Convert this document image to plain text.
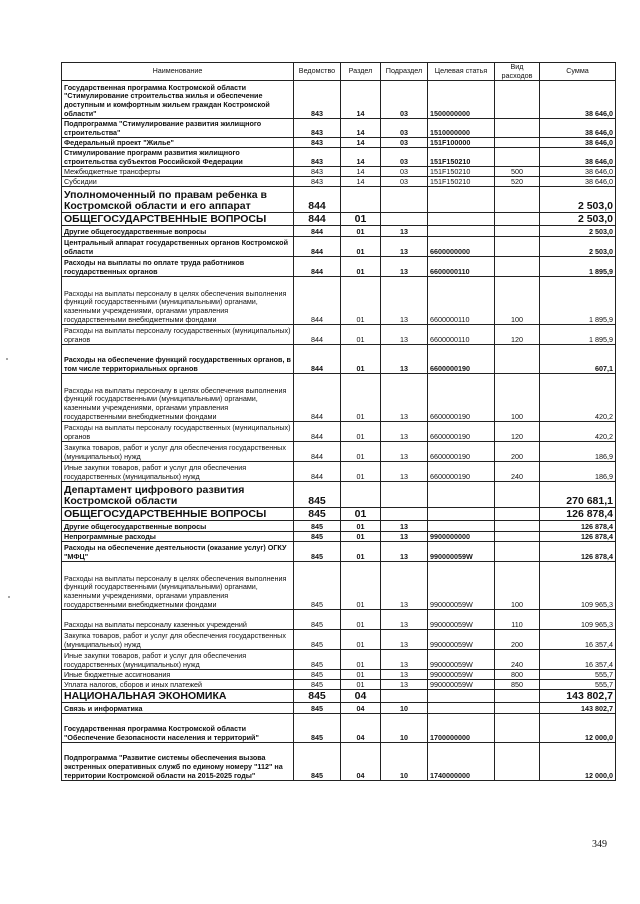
Наименование	Ведомство	Раздел	Подраздел	Целевая статья	Вид расходов	Сумма
Государственная программа Костромской области "Стимулирование строительства жилья и обеспечение доступным и комфортным жильем граждан Костромской области"	843	14	03	1500000000		38 646,0
Подпрограмма "Стимулирование развития жилищного строительства"	843	14	03	1510000000		38 646,0
Федеральный проект "Жилье"	843	14	03	151F100000		38 646,0
Стимулирование программ развития жилищного строительства субъектов Российской Федерации	843	14	03	151F150210		38 646,0
Межбюджетные трансферты	843	14	03	151F150210	500	38 646,0
Субсидии	843	14	03	151F150210	520	38 646,0
Уполномоченный по правам ребенка в Костромской области и его аппарат	844					2 503,0
ОБЩЕГОСУДАРСТВЕННЫЕ ВОПРОСЫ	844	01				2 503,0
Другие общегосударственные вопросы	844	01	13			2 503,0
Центральный аппарат государственных органов Костромской области	844	01	13	6600000000		2 503,0
Расходы на выплаты по оплате труда работников государственных органов	844	01	13	6600000110		1 895,9
Расходы на выплаты персоналу в целях обеспечения выполнения функций государственными (муниципальными) органами, казенными учреждениями, органами управления государственными внебюджетными фондами	844	01	13	6600000110	100	1 895,9
Расходы на выплаты персоналу государственных (муниципальных) органов	844	01	13	6600000110	120	1 895,9
Расходы на обеспечение функций государственных органов, в том числе территориальных органов	844	01	13	6600000190		607,1
Расходы на выплаты персоналу в целях обеспечения выполнения функций государственными (муниципальными) органами, казенными учреждениями, органами управления государственными внебюджетными фондами	844	01	13	6600000190	100	420,2
Расходы на выплаты персоналу государственных (муниципальных) органов	844	01	13	6600000190	120	420,2
Закупка товаров, работ и услуг для обеспечения государственных (муниципальных) нужд	844	01	13	6600000190	200	186,9
Иные закупки товаров, работ и услуг для обеспечения государственных (муниципальных) нужд	844	01	13	6600000190	240	186,9
Департамент цифрового развития Костромской области	845					270 681,1
ОБЩЕГОСУДАРСТВЕННЫЕ ВОПРОСЫ	845	01				126 878,4
Другие общегосударственные вопросы	845	01	13			126 878,4
Непрограммные расходы	845	01	13	9900000000		126 878,4
Расходы на обеспечение деятельности (оказание услуг) ОГКУ "МФЦ"	845	01	13	990000059W		126 878,4
Расходы на выплаты персоналу в целях обеспечения выполнения функций государственными (муниципальными) органами, казенными учреждениями, органами управления государственными внебюджетными фондами	845	01	13	990000059W	100	109 965,3
Расходы на выплаты персоналу казенных учреждений	845	01	13	990000059W	110	109 965,3
Закупка товаров, работ и услуг для обеспечения государственных (муниципальных) нужд	845	01	13	990000059W	200	16 357,4
Иные закупки товаров, работ и услуг для обеспечения государственных (муниципальных) нужд	845	01	13	990000059W	240	16 357,4
Иные бюджетные ассигнования	845	01	13	990000059W	800	555,7
Уплата налогов, сборов и иных платежей	845	01	13	990000059W	850	555,7
НАЦИОНАЛЬНАЯ ЭКОНОМИКА	845	04				143 802,7
Связь и информатика	845	04	10			143 802,7
Государственная программа Костромской области "Обеспечение безопасности населения и территорий"	845	04	10	1700000000		12 000,0
Подпрограмма "Развитие системы обеспечения вызова экстренных оперативных служб по единому номеру "112" на территории Костромской области на 2015-2025 годы"	845	04	10	1740000000		12 000,0
349
